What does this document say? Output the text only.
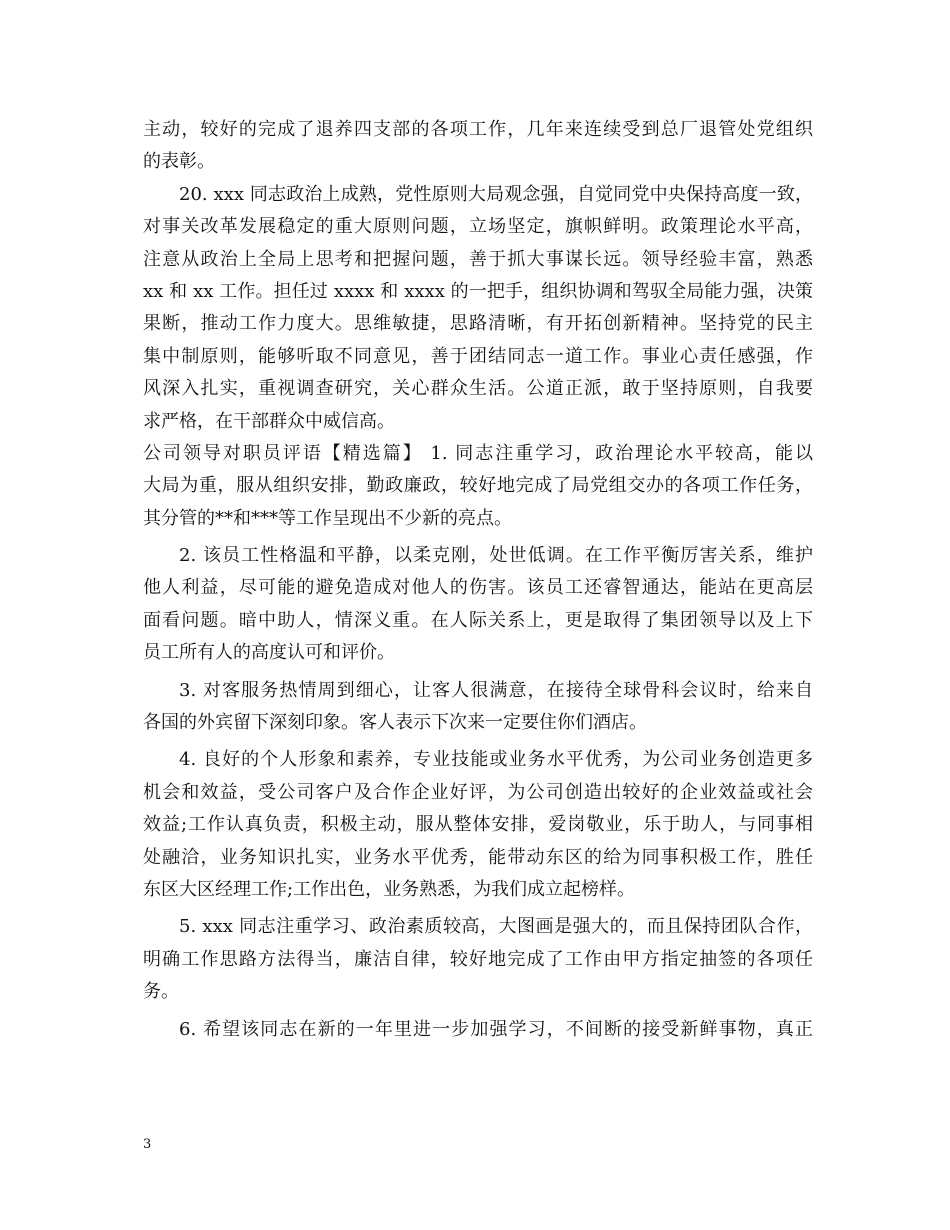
主动，较好的完成了退养四支部的各项工作，几年来连续受到总厂退管处党组织
的表彰。
20. xxx 同志政治上成熟，党性原则大局观念强，自觉同党中央保持高度一致，
对事关改革发展稳定的重大原则问题，立场坚定，旗帜鲜明。政策理论水平高，
注意从政治上全局上思考和把握问题，善于抓大事谋长远。领导经验丰富，熟悉
xx 和 xx 工作。担任过 xxxx 和 xxxx 的一把手，组织协调和驾驭全局能力强，决策
果断，推动工作力度大。思维敏捷，思路清晰，有开拓创新精神。坚持党的民主
集中制原则，能够听取不同意见，善于团结同志一道工作。事业心责任感强，作
风深入扎实，重视调查研究，关心群众生活。公道正派，敢于坚持原则，自我要
求严格，在干部群众中威信高。
公司领导对职员评语【精选篇】 1. 同志注重学习，政治理论水平较高，能以
大局为重，服从组织安排，勤政廉政，较好地完成了局党组交办的各项工作任务，
其分管的**和***等工作呈现出不少新的亮点。
2. 该员工性格温和平静，以柔克刚，处世低调。在工作平衡厉害关系，维护
他人利益，尽可能的避免造成对他人的伤害。该员工还睿智通达，能站在更高层
面看问题。暗中助人，情深义重。在人际关系上，更是取得了集团领导以及上下
员工所有人的高度认可和评价。
3. 对客服务热情周到细心，让客人很满意，在接待全球骨科会议时，给来自
各国的外宾留下深刻印象。客人表示下次来一定要住你们酒店。
4. 良好的个人形象和素养，专业技能或业务水平优秀，为公司业务创造更多
机会和效益，受公司客户及合作企业好评，为公司创造出较好的企业效益或社会
效益;工作认真负责，积极主动，服从整体安排，爱岗敬业，乐于助人，与同事相
处融洽，业务知识扎实，业务水平优秀，能带动东区的给为同事积极工作，胜任
东区大区经理工作;工作出色，业务熟悉，为我们成立起榜样。
5. xxx 同志注重学习、政治素质较高，大图画是强大的，而且保持团队合作，
明确工作思路方法得当，廉洁自律，较好地完成了工作由甲方指定抽签的各项任
务。
6. 希望该同志在新的一年里进一步加强学习，不间断的接受新鲜事物，真正
3
